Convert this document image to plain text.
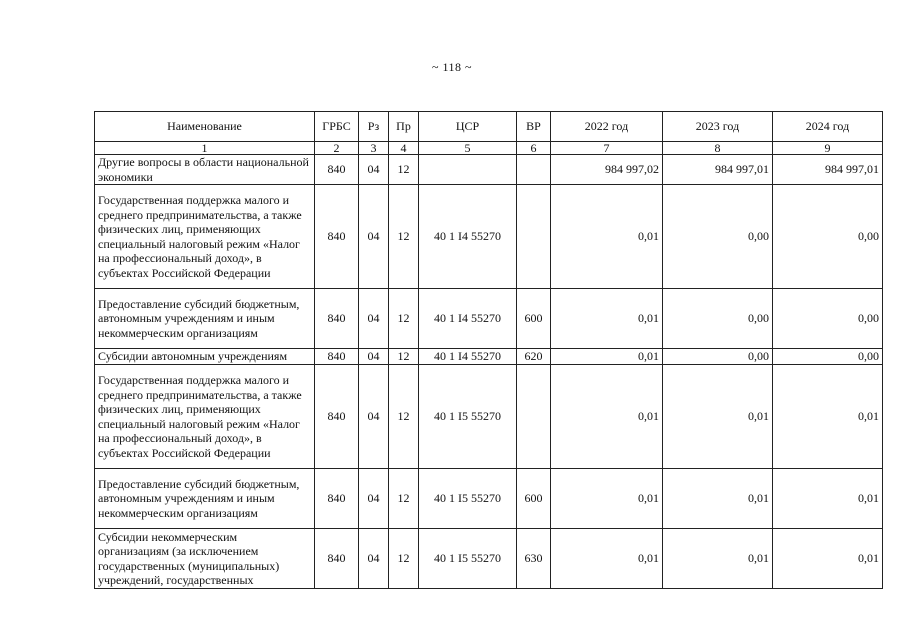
~ 118 ~
Наименование	ГРБС	Рз	Пр	ЦСР	ВР	2022 год	2023 год	2024 год
1	2	3	4	5	6	7	8	9
Другие вопросы в области национальной экономики	840	04	12			984 997,02	984 997,01	984 997,01
Государственная поддержка малого и среднего предпринимательства, а также физических лиц, применяющих специальный налоговый режим «Налог на профессиональный доход», в субъектах Российской Федерации	840	04	12	40 1 I4 55270		0,01	0,00	0,00
Предоставление субсидий бюджетным, автономным учреждениям и иным некоммерческим организациям	840	04	12	40 1 I4 55270	600	0,01	0,00	0,00
Субсидии автономным учреждениям	840	04	12	40 1 I4 55270	620	0,01	0,00	0,00
Государственная поддержка малого и среднего предпринимательства, а также физических лиц, применяющих специальный налоговый режим «Налог на профессиональный доход», в субъектах Российской Федерации	840	04	12	40 1 I5 55270		0,01	0,01	0,01
Предоставление субсидий бюджетным, автономным учреждениям и иным некоммерческим организациям	840	04	12	40 1 I5 55270	600	0,01	0,01	0,01
Субсидии некоммерческим организациям (за исключением государственных (муниципальных) учреждений, государственных	840	04	12	40 1 I5 55270	630	0,01	0,01	0,01
